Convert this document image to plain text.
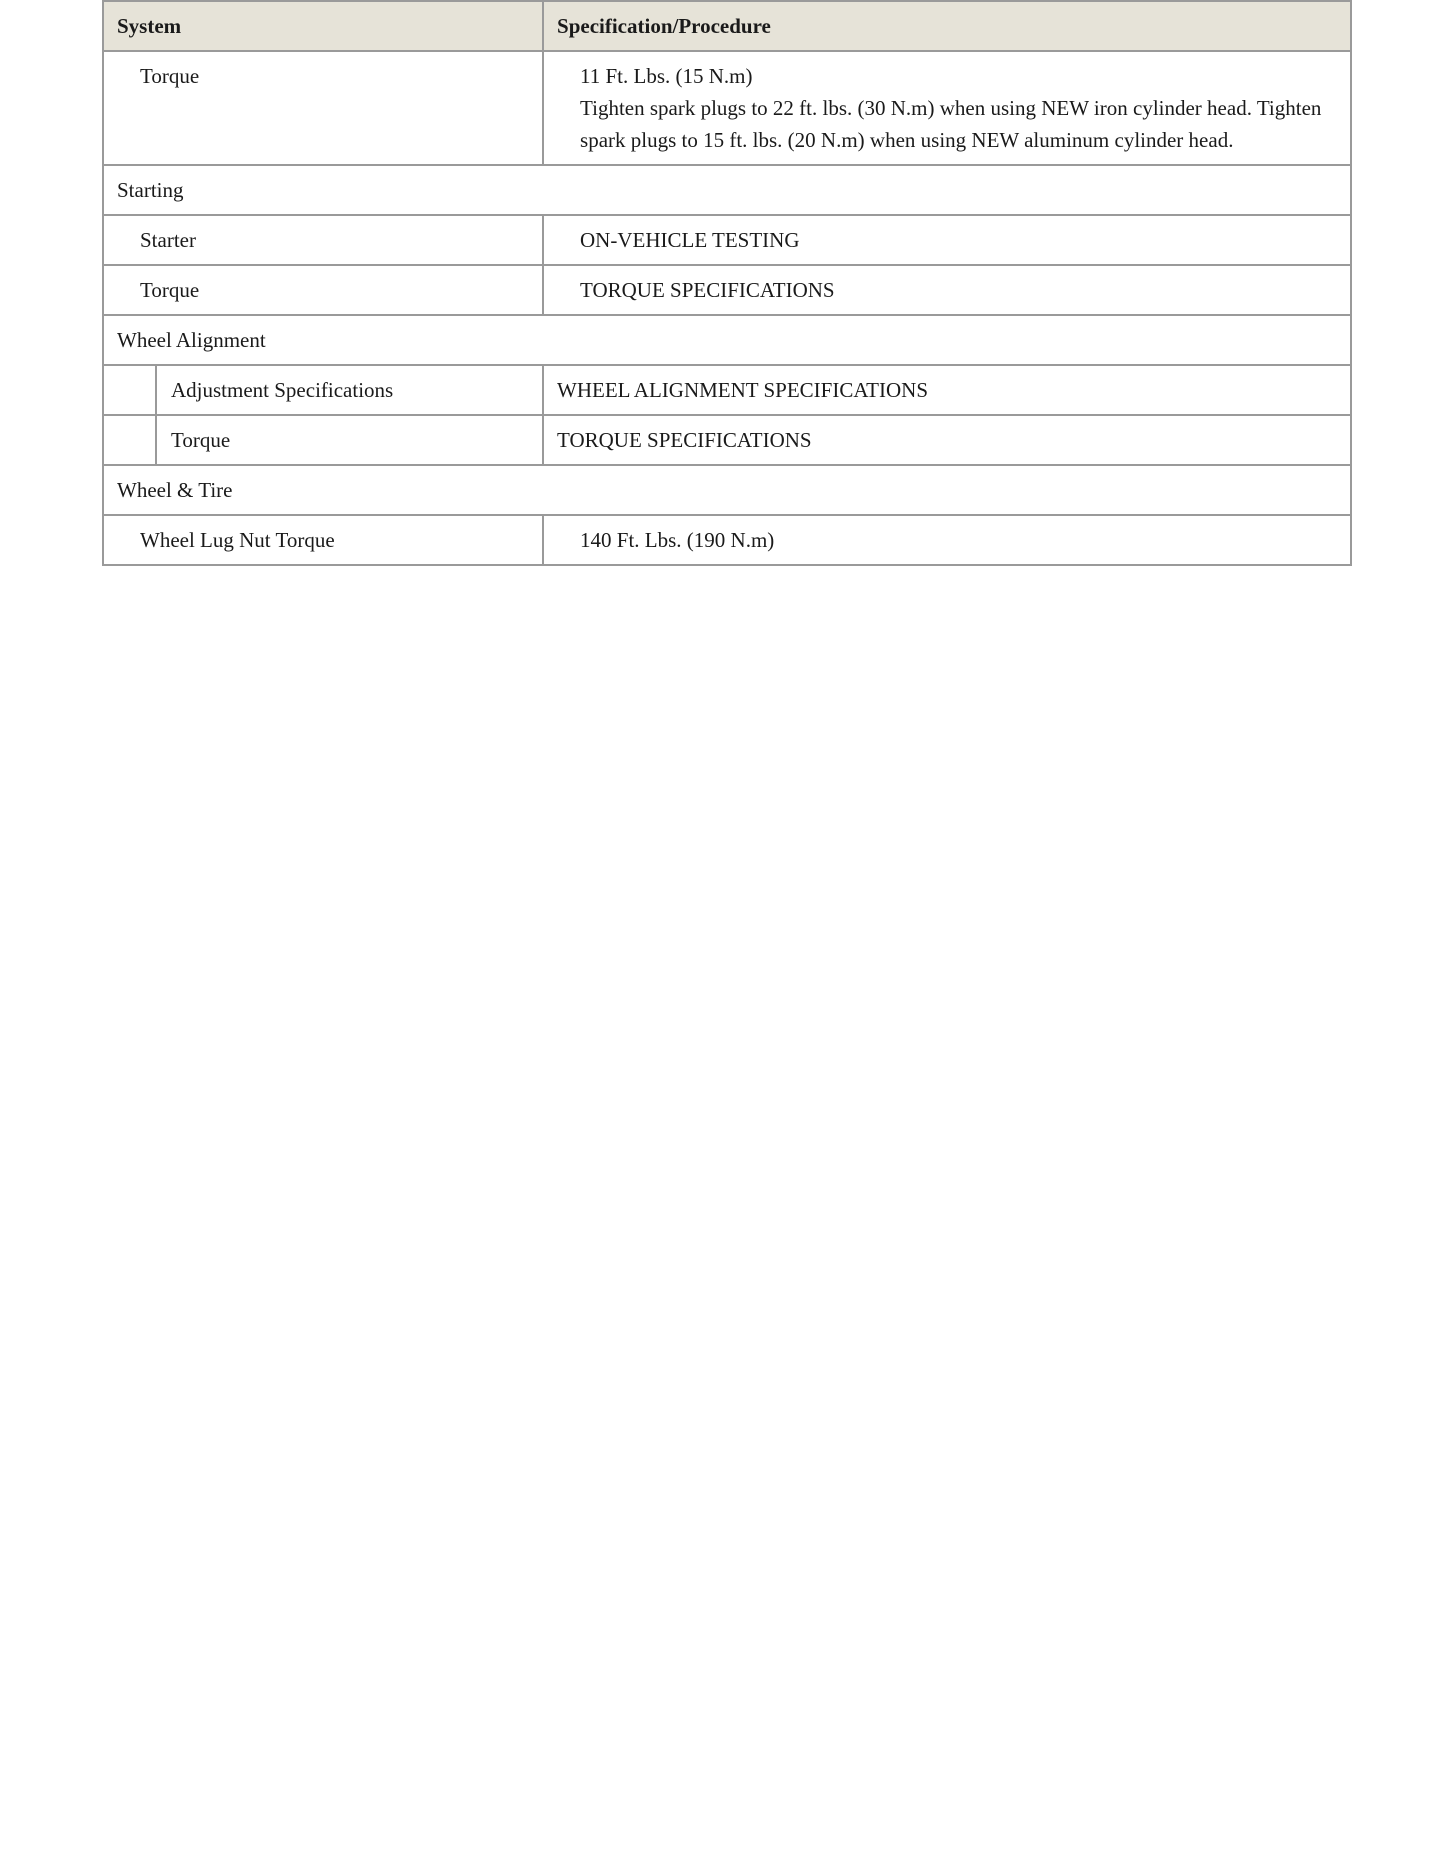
System		Specification/Procedure

Torque		11 Ft. Lbs. (15 N.m)
Tighten spark plugs to 22 ft. lbs. (30 N.m) when using NEW iron cylinder head. Tighten spark plugs to 15 ft. lbs. (20 N.m) when using NEW aluminum cylinder head.

Starting		

Starter		ON-VEHICLE TESTING

Torque		TORQUE SPECIFICATIONS

Wheel Alignment		

	Adjustment Specifications	WHEEL ALIGNMENT SPECIFICATIONS

	Torque	TORQUE SPECIFICATIONS

Wheel & Tire		

Wheel Lug Nut Torque		140 Ft. Lbs. (190 N.m)
